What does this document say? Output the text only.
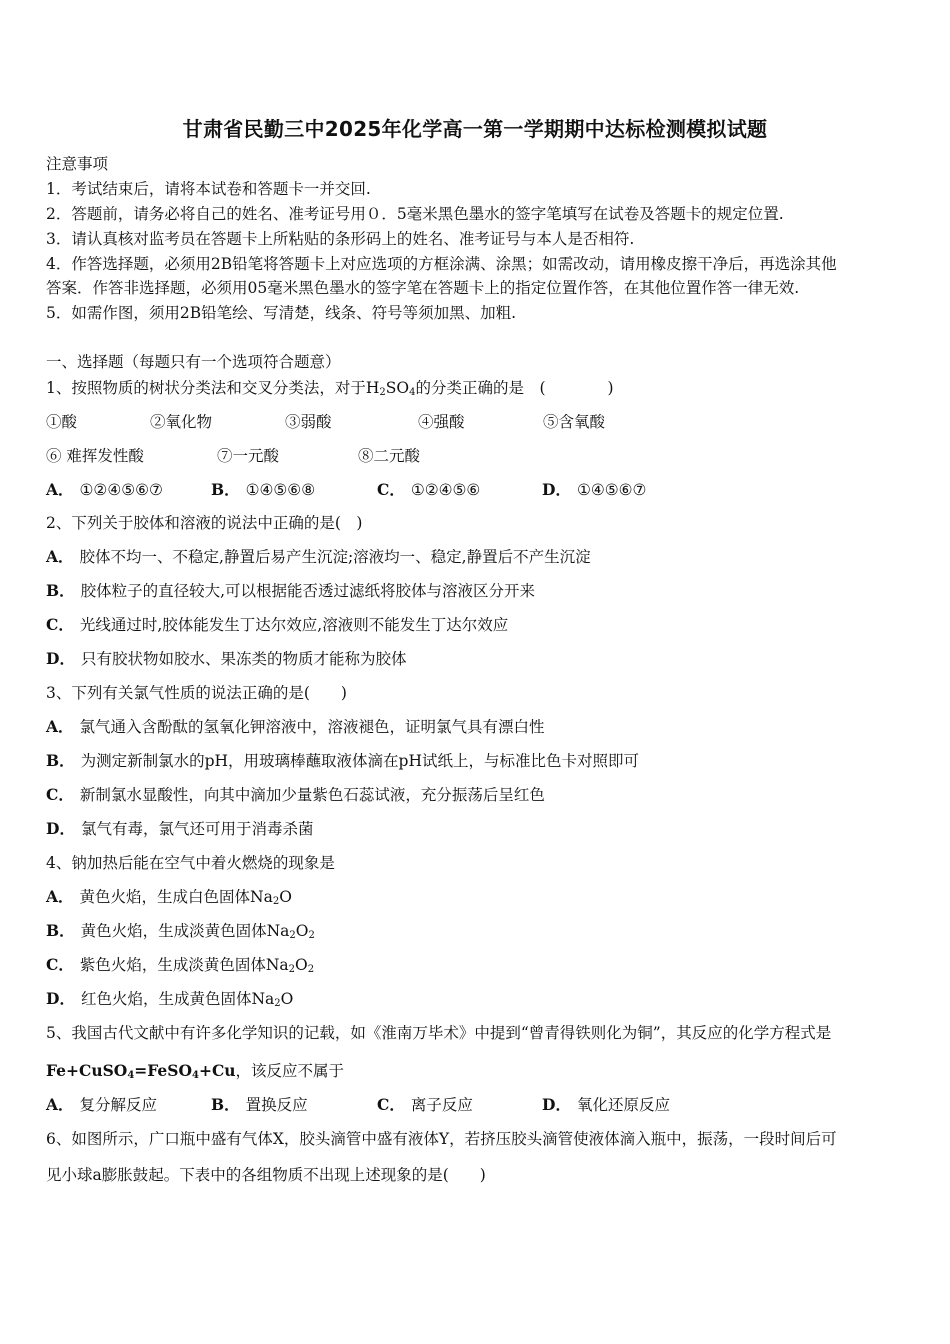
甘肃省民勤三中2025年化学高一第一学期期中达标检测模拟试题
注意事项
1．考试结束后，请将本试卷和答题卡一并交回.
2．答题前，请务必将自己的姓名、准考证号用０．5毫米黑色墨水的签字笔填写在试卷及答题卡的规定位置.
3．请认真核对监考员在答题卡上所粘贴的条形码上的姓名、准考证号与本人是否相符.
4．作答选择题，必须用2B铅笔将答题卡上对应选项的方框涂满、涂黑；如需改动，请用橡皮擦干净后，再选涂其他
答案．作答非选择题，必须用05毫米黑色墨水的签字笔在答题卡上的指定位置作答，在其他位置作答一律无效.
5．如需作图，须用2B铅笔绘、写清楚，线条、符号等须加黑、加粗.
一、选择题（每题只有一个选项符合题意）
1、按照物质的树状分类法和交叉分类法，对于$H_2SO_4$的分类正确的是　(　　　　)
①酸	②氧化物	③弱酸	④强酸	⑤含氧酸
⑥ 难挥发性酸	⑦一元酸	⑧二元酸
A． ①②④⑤⑥⑦	B． ①④⑤⑥⑧	C． ①②④⑤⑥	D． ①④⑤⑥⑦
2、下列关于胶体和溶液的说法中正确的是(　)
A． 胶体不均一、不稳定,静置后易产生沉淀;溶液均一、稳定,静置后不产生沉淀
B． 胶体粒子的直径较大,可以根据能否透过滤纸将胶体与溶液区分开来
C． 光线通过时,胶体能发生丁达尔效应,溶液则不能发生丁达尔效应
D． 只有胶状物如胶水、果冻类的物质才能称为胶体
3、下列有关氯气性质的说法正确的是(　　)
A． 氯气通入含酚酞的氢氧化钾溶液中，溶液褪色，证明氯气具有漂白性
B． 为测定新制氯水的pH，用玻璃棒蘸取液体滴在pH试纸上，与标准比色卡对照即可
C． 新制氯水显酸性，向其中滴加少量紫色石蕊试液，充分振荡后呈红色
D． 氯气有毒，氯气还可用于消毒杀菌
4、钠加热后能在空气中着火燃烧的现象是
A． 黄色火焰，生成白色固体$Na_2O$
B． 黄色火焰，生成淡黄色固体$Na_2O_2$
C． 紫色火焰，生成淡黄色固体$Na_2O_2$
D． 红色火焰，生成黄色固体$Na_2O$
5、我国古代文献中有许多化学知识的记载，如《淮南万毕术》中提到“曾青得铁则化为铜”，其反应的化学方程式是
Fe+CuSO$_4$=FeSO$_4$+Cu，该反应不属于
A． 复分解反应	B． 置换反应	C． 离子反应	D． 氧化还原反应
6、如图所示，广口瓶中盛有气体X，胶头滴管中盛有液体Y，若挤压胶头滴管使液体滴入瓶中，振荡，一段时间后可
见小球a膨胀鼓起。下表中的各组物质不出现上述现象的是(　　)
